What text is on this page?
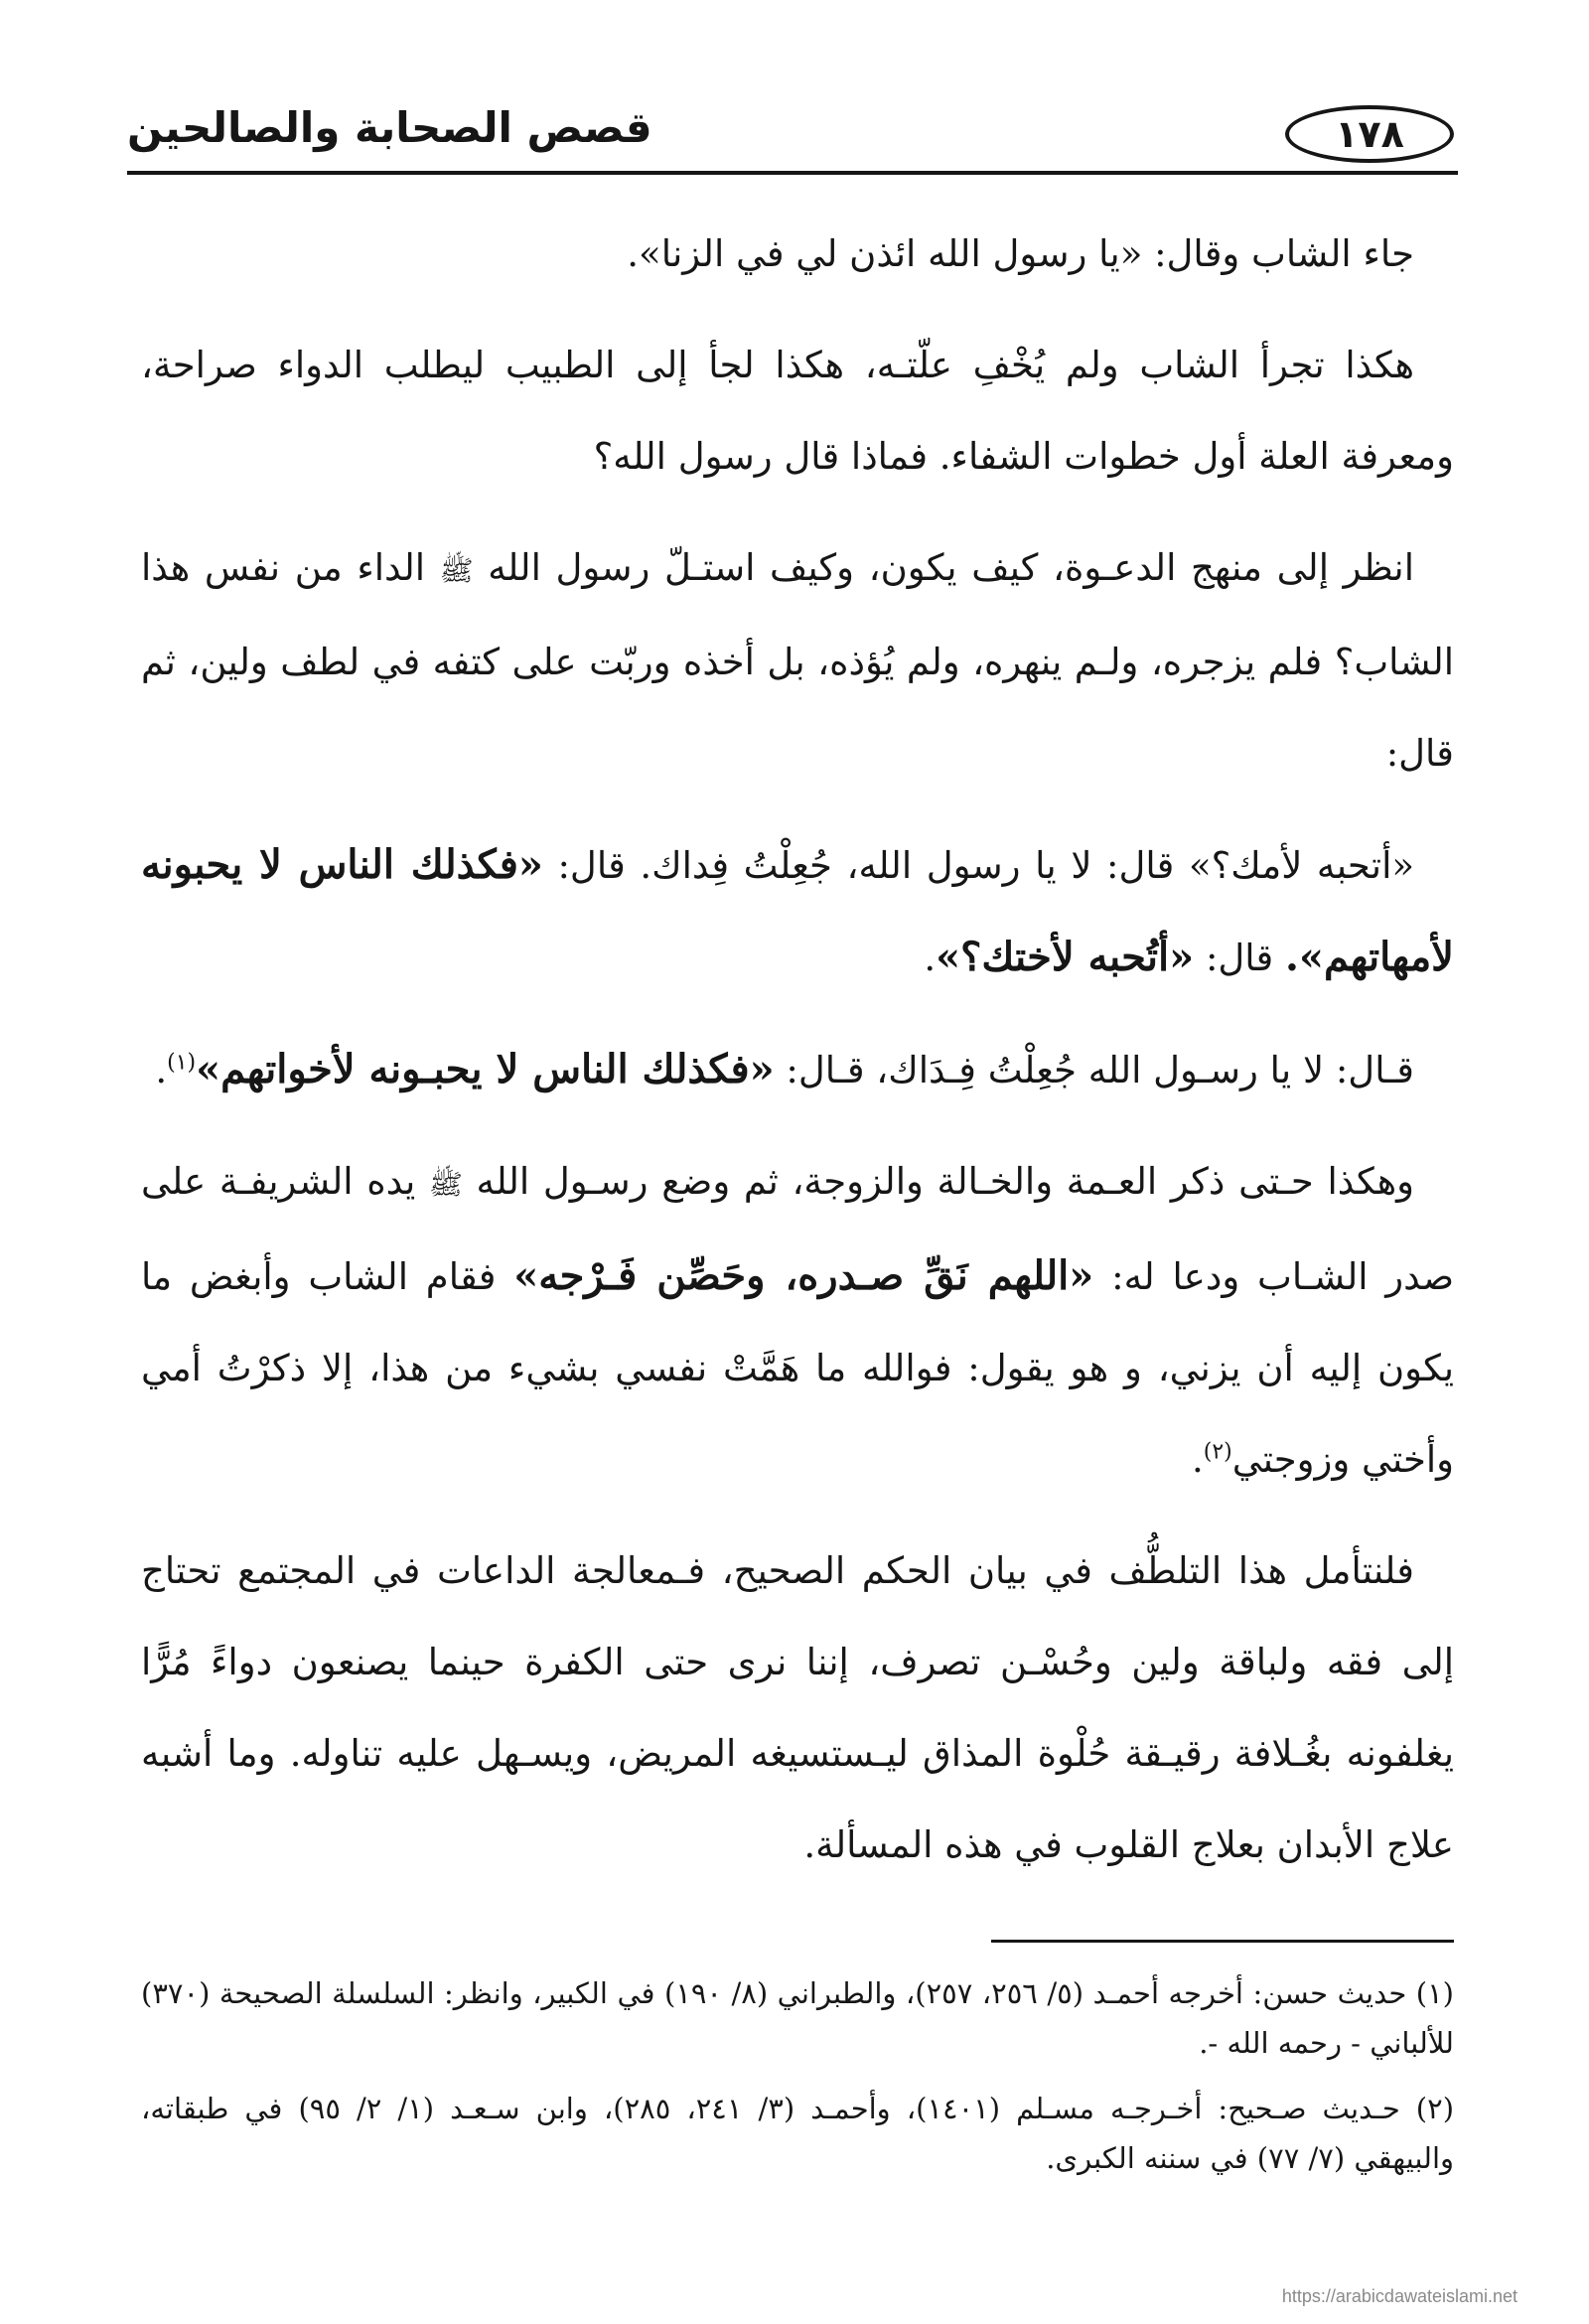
قصص الصحابة والصالحين	١٧٨

جاء الشاب وقال: «يا رسول الله ائذن لي في الزنا».

هكذا تجرأ الشاب ولم يُخْفِ علّتـه، هكذا لجأ إلى الطبيب ليطلب الدواء صراحة، ومعرفة العلة أول خطوات الشفاء. فماذا قال رسول الله؟

انظر إلى منهج الدعـوة، كيف يكون، وكيف استـلّ رسول الله ﷺ الداء من نفس هذا الشاب؟ فلم يزجره، ولـم ينهره، ولم يُؤذه، بل أخذه وربّت على كتفه في لطف ولين، ثم قال:

«أتحبه لأمك؟» قال: لا يا رسول الله، جُعِلْتُ فِداك. قال: «فكذلك الناس لا يحبونه لأمهاتهم». قال: «أتُحبه لأختك؟».

قـال: لا يا رسـول الله جُعِلْتُ فِـدَاك، قـال: «فكذلك الناس لا يحبـونه لأخواتهم»$^{(١)}$.

وهكذا حـتى ذكر العـمة والخـالة والزوجة، ثم وضع رسـول الله ﷺ يده الشريفـة على صدر الشـاب ودعا له: «اللهم نَقِّ صـدره، وحَصِّن فَـرْجه» فقام الشاب وأبغض ما يكون إليه أن يزني، و هو يقول: فوالله ما هَمَّتْ نفسي بشيء من هذا، إلا ذكرْتُ أمي وأختي وزوجتي$^{(٢)}$.

فلنتأمل هذا التلطُّف في بيان الحكم الصحيح، فـمعالجة الداعات في المجتمع تحتاج إلى فقه ولباقة ولين وحُسْـن تصرف، إننا نرى حتى الكفرة حينما يصنعون دواءً مُرًّا يغلفونه بغُـلافة رقيـقة حُلْوة المذاق ليـستسيغه المريض، ويسـهل عليه تناوله. وما أشبه علاج الأبدان بعلاج القلوب في هذه المسألة.

(١) حديث حسن: أخرجه أحمـد (٥/ ٢٥٦، ٢٥٧)، والطبراني (٨/ ١٩٠) في الكبير، وانظر: السلسلة الصحيحة (٣٧٠) للألباني - رحمه الله -.

(٢) حـديث صـحيح: أخـرجـه مسـلم (١٤٠١)، وأحمـد (٣/ ٢٤١، ٢٨٥)، وابن سـعـد (١/ ٢/ ٩٥) في طبقاته، والبيهقي (٧/ ٧٧) في سننه الكبرى.

https://arabicdawateislami.net
